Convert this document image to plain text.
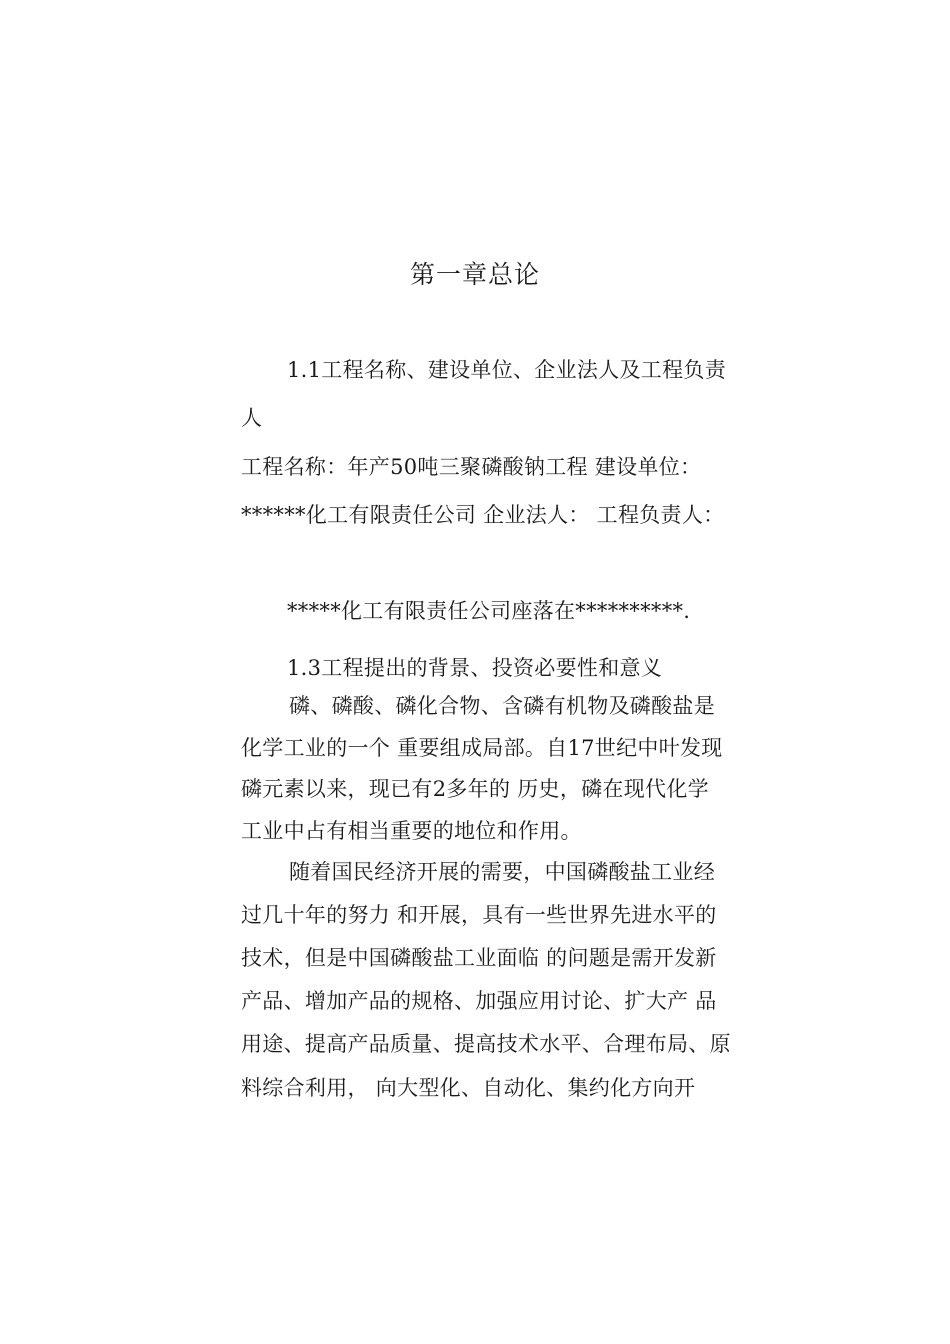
第一章总论
1.1工程名称、建设单位、企业法人及工程负责
人
工程名称：年产50吨三聚磷酸钠工程 建设单位：
******化工有限责任公司 企业法人： 工程负责人：
*****化工有限责任公司座落在**********.
1.3工程提出的背景、投资必要性和意义
磷、磷酸、磷化合物、含磷有机物及磷酸盐是
化学工业的一个 重要组成局部。自17世纪中叶发现
磷元素以来，现已有2多年的 历史，磷在现代化学
工业中占有相当重要的地位和作用。
随着国民经济开展的需要，中国磷酸盐工业经
过几十年的努力 和开展，具有一些世界先进水平的
技术，但是中国磷酸盐工业面临 的问题是需开发新
产品、增加产品的规格、加强应用讨论、扩大产 品
用途、提高产品质量、提高技术水平、合理布局、原
料综合利用， 向大型化、自动化、集约化方向开
